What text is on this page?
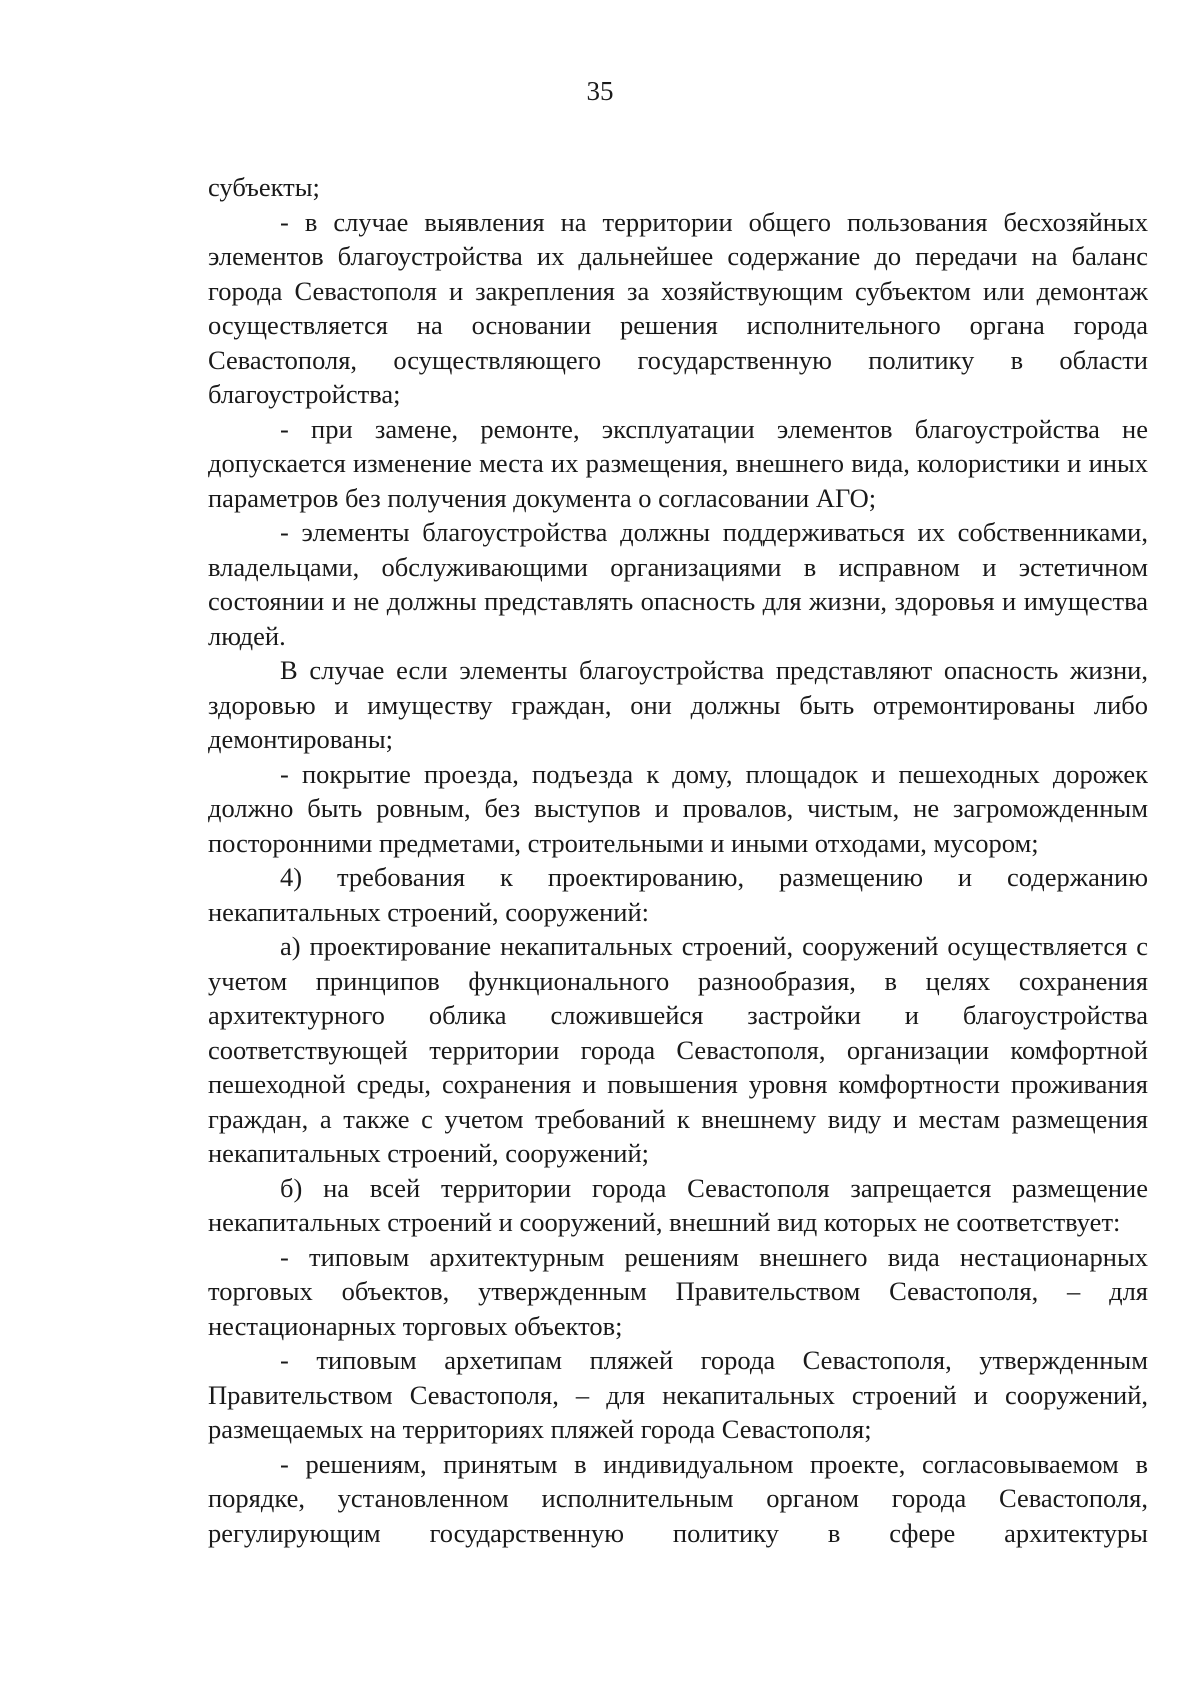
35

субъекты;

- в случае выявления на территории общего пользования бесхозяйных элементов благоустройства их дальнейшее содержание до передачи на баланс города Севастополя и закрепления за хозяйствующим субъектом или демонтаж осуществляется на основании решения исполнительного органа города Севастополя, осуществляющего государственную политику в области благоустройства;

- при замене, ремонте, эксплуатации элементов благоустройства не допускается изменение места их размещения, внешнего вида, колористики и иных параметров без получения документа о согласовании АГО;

- элементы благоустройства должны поддерживаться их собственниками, владельцами, обслуживающими организациями в исправном и эстетичном состоянии и не должны представлять опасность для жизни, здоровья и имущества людей.

В случае если элементы благоустройства представляют опасность жизни, здоровью и имуществу граждан, они должны быть отремонтированы либо демонтированы;

- покрытие проезда, подъезда к дому, площадок и пешеходных дорожек должно быть ровным, без выступов и провалов, чистым, не загроможденным посторонними предметами, строительными и иными отходами, мусором;

4) требования к проектированию, размещению и содержанию некапитальных строений, сооружений:

а) проектирование некапитальных строений, сооружений осуществляется с учетом принципов функционального разнообразия, в целях сохранения архитектурного облика сложившейся застройки и благоустройства соответствующей территории города Севастополя, организации комфортной пешеходной среды, сохранения и повышения уровня комфортности проживания граждан, а также с учетом требований к внешнему виду и местам размещения некапитальных строений, сооружений;

б) на всей территории города Севастополя запрещается размещение некапитальных строений и сооружений, внешний вид которых не соответствует:

- типовым архитектурным решениям внешнего вида нестационарных торговых объектов, утвержденным Правительством Севастополя, – для нестационарных торговых объектов;

- типовым архетипам пляжей города Севастополя, утвержденным Правительством Севастополя, – для некапитальных строений и сооружений, размещаемых на территориях пляжей города Севастополя;

- решениям, принятым в индивидуальном проекте, согласовываемом в порядке, установленном исполнительным органом города Севастополя, регулирующим государственную политику в сфере архитектуры
